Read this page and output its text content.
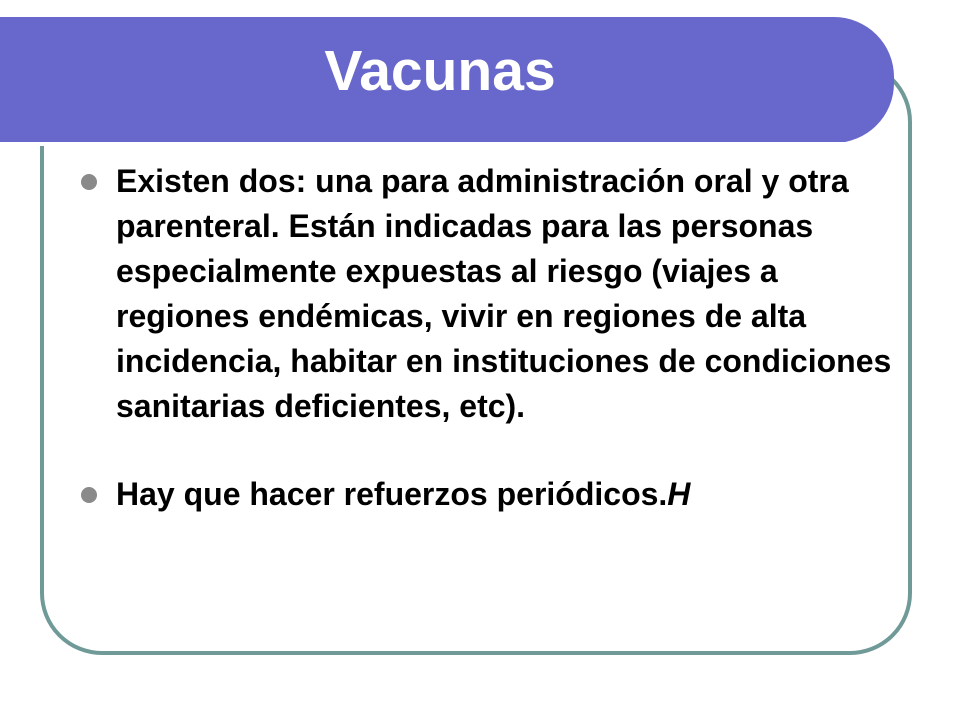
Vacunas
Existen dos: una para administración oral y otra parenteral. Están indicadas para las personas especialmente expuestas al riesgo (viajes a regiones endémicas, vivir en regiones de alta incidencia, habitar en instituciones de condiciones sanitarias deficientes, etc).
Hay que hacer refuerzos periódicos.H
